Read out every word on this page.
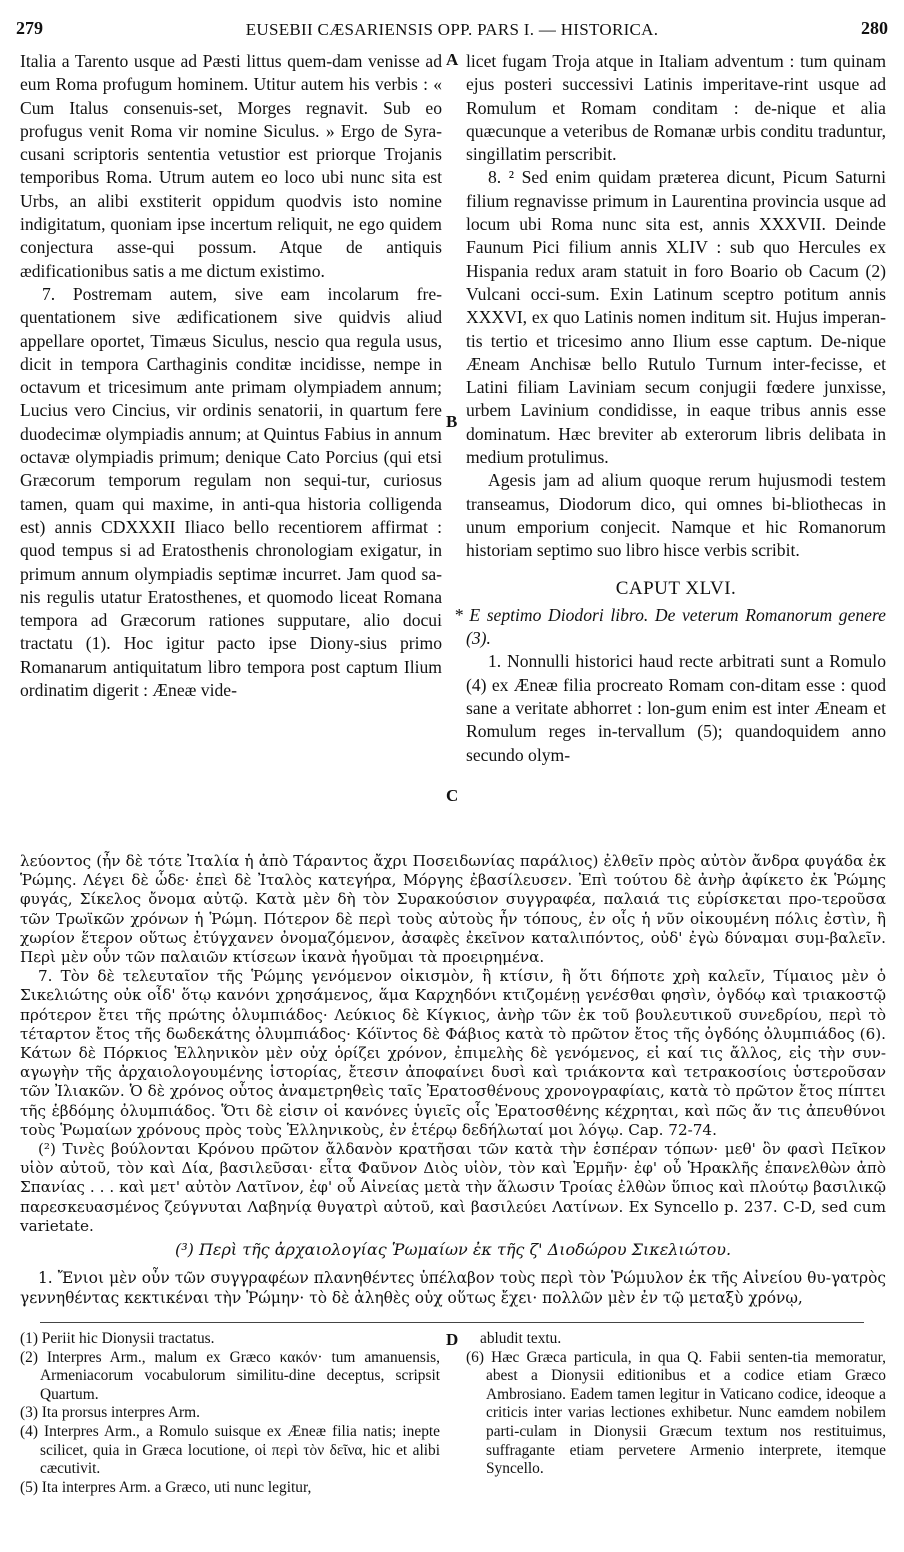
279	EUSEBII CÆSARIENSIS OPP. PARS I. — HISTORICA.	280
A
B
C
D

Italia a Tarento usque ad Pæsti littus quem-dam venisse ad eum Roma profugum hominem. Utitur autem his verbis : « Cum Italus consenuis-set, Morges regnavit. Sub eo profugus venit Roma vir nomine Siculus. » Ergo de Syra-cusani scriptoris sententia vetustior est priorque Trojanis temporibus Roma. Utrum autem eo loco ubi nunc sita est Urbs, an alibi exstiterit oppidum quodvis isto nomine indigitatum, quoniam ipse incertum reliquit, ne ego quidem conjectura asse-qui possum. Atque de antiquis ædificationibus satis a me dictum existimo.

7. Postremam autem, sive eam incolarum fre-quentationem sive ædificationem sive quidvis aliud appellare oportet, Timæus Siculus, nescio qua regula usus, dicit in tempora Carthaginis conditæ incidisse, nempe in octavum et tricesimum ante primam olympiadem annum; Lucius vero Cincius, vir ordinis senatorii, in quartum fere duodecimæ olympiadis annum; at Quintus Fabius in annum octavæ olympiadis primum; denique Cato Porcius (qui etsi Græcorum temporum regulam non sequi-tur, curiosus tamen, quam qui maxime, in anti-qua historia colligenda est) annis CDXXXII Iliaco bello recentiorem affirmat : quod tempus si ad Eratosthenis chronologiam exigatur, in primum annum olympiadis septimæ incurret. Jam quod sa-nis regulis utatur Eratosthenes, et quomodo liceat Romana tempora ad Græcorum rationes supputare, alio docui tractatu (1). Hoc igitur pacto ipse Diony-sius primo Romanarum antiquitatum libro tempora post captum Ilium ordinatim digerit : Æneæ vide-

licet fugam Troja atque in Italiam adventum : tum quinam ejus posteri successivi Latinis imperitave-rint usque ad Romulum et Romam conditam : de-nique et alia quæcunque a veteribus de Romanæ urbis conditu traduntur, singillatim perscribit.

8. ² Sed enim quidam præterea dicunt, Picum Saturni filium regnavisse primum in Laurentina provincia usque ad locum ubi Roma nunc sita est, annis XXXVII. Deinde Faunum Pici filium annis XLIV : sub quo Hercules ex Hispania redux aram statuit in foro Boario ob Cacum (2) Vulcani occi-sum. Exin Latinum sceptro potitum annis XXXVI, ex quo Latinis nomen inditum sit. Hujus imperan-tis tertio et tricesimo anno Ilium esse captum. De-nique Æneam Anchisæ bello Rutulo Turnum inter-fecisse, et Latini filiam Laviniam secum conjugii fœdere junxisse, urbem Lavinium condidisse, in eaque tribus annis esse dominatum. Hæc breviter ab exterorum libris delibata in medium protulimus.

Agesis jam ad alium quoque rerum hujusmodi testem transeamus, Diodorum dico, qui omnes bi-bliothecas in unum emporium conjecit. Namque et hic Romanorum historiam septimo suo libro hisce verbis scribit.

CAPUT XLVI.

* E septimo Diodori libro. De veterum Romanorum genere (3).

1. Nonnulli historici haud recte arbitrati sunt a Romulo (4) ex Æneæ filia procreato Romam con-ditam esse : quod sane a veritate abhorret : lon-gum enim est inter Æneam et Romulum reges in-tervallum (5); quandoquidem anno secundo olym-

λεύοντος (ἦν δὲ τότε Ἰταλία ἡ ἀπὸ Τάραντος ἄχρι Ποσειδωνίας παράλιος) ἐλθεῖν πρὸς αὐτὸν ἄνδρα φυγάδα ἐκ Ῥώμης. Λέγει δὲ ὧδε· ἐπεὶ δὲ Ἰταλὸς κατεγήρα, Μόργης ἐβασίλευσεν. Ἐπὶ τούτου δὲ ἀνὴρ ἀφίκετο ἐκ Ῥώμης φυγάς, Σίκελος ὄνομα αὐτῷ. Κατὰ μὲν δὴ τὸν Συρακούσιον συγγραφέα, παλαιά τις εὑρίσκεται προ-τεροῦσα τῶν Τρωϊκῶν χρόνων ἡ Ῥώμη. Πότερον δὲ περὶ τοὺς αὐτοὺς ἦν τόπους, ἐν οἷς ἡ νῦν οἰκουμένη πόλις ἐστὶν, ἢ χωρίον ἕτερον οὕτως ἐτύγχανεν ὀνομαζόμενον, ἀσαφὲς ἐκεῖνον καταλιπόντος, οὐδ' ἐγὼ δύναμαι συμ-βαλεῖν. Περὶ μὲν οὖν τῶν παλαιῶν κτίσεων ἱκανὰ ἡγοῦμαι τὰ προειρημένα.

7. Τὸν δὲ τελευταῖον τῆς Ῥώμης γενόμενον οἰκισμὸν, ἢ κτίσιν, ἢ ὅτι δήποτε χρὴ καλεῖν, Τίμαιος μὲν ὁ Σικελιώτης οὐκ οἶδ' ὅτῳ κανόνι χρησάμενος, ἅμα Καρχηδόνι κτιζομένῃ γενέσθαι φησὶν, ὀγδόῳ καὶ τριακοστῷ πρότερον ἔτει τῆς πρώτης ὀλυμπιάδος· Λεύκιος δὲ Κίγκιος, ἀνὴρ τῶν ἐκ τοῦ βουλευτικοῦ συνεδρίου, περὶ τὸ τέταρτον ἔτος τῆς δωδεκάτης ὀλυμπιάδος· Κόϊντος δὲ Φάβιος κατὰ τὸ πρῶτον ἔτος τῆς ὀγδόης ὀλυμπιάδος (6). Κάτων δὲ Πόρκιος Ἑλληνικὸν μὲν οὐχ ὁρίζει χρόνον, ἐπιμελὴς δὲ γενόμενος, εἰ καί τις ἄλλος, εἰς τὴν συν-αγωγὴν τῆς ἀρχαιολογουμένης ἱστορίας, ἔτεσιν ἀποφαίνει δυσὶ καὶ τριάκοντα καὶ τετρακοσίοις ὑστεροῦσαν τῶν Ἰλιακῶν. Ὁ δὲ χρόνος οὗτος ἀναμετρηθεὶς ταῖς Ἐρατοσθένους χρονογραφίαις, κατὰ τὸ πρῶτον ἔτος πίπτει τῆς ἑβδόμης ὀλυμπιάδος. Ὅτι δὲ εἰσιν οἱ κανόνες ὑγιεῖς οἷς Ἐρατοσθένης κέχρηται, καὶ πῶς ἄν τις ἀπευθύνοι τοὺς Ῥωμαίων χρόνους πρὸς τοὺς Ἑλληνικοὺς, ἐν ἑτέρῳ δεδήλωταί μοι λόγῳ. Cap. 72-74.

(²) Τινὲς βούλονται Κρόνου πρῶτον ἄλδανὸν κρατῆσαι τῶν κατὰ τὴν ἑσπέραν τόπων· μεθ' ὃν φασὶ Πεῖκον υἱὸν αὐτοῦ, τὸν καὶ Δία, βασιλεῦσαι· εἶτα Φαῦνον Διὸς υἱὸν, τὸν καὶ Ἑρμῆν· ἐφ' οὗ Ἡρακλῆς ἐπανελθὼν ἀπὸ Σπανίας . . . καὶ μετ' αὐτὸν Λατῖνον, ἐφ' οὗ Αἰνείας μετὰ τὴν ἅλωσιν Τροίας ἐλθὼν ὕπιος καὶ πλούτῳ βασιλικῷ παρεσκευασμένος ζεύγνυται Λαβηνίᾳ θυγατρὶ αὐτοῦ, καὶ βασιλεύει Λατίνων. Ex Syncello p. 237. C-D, sed cum varietate.

(³) Περὶ τῆς ἀρχαιολογίας Ῥωμαίων ἐκ τῆς ζ' Διοδώρου Σικελιώτου.

1. Ἔνιοι μὲν οὖν τῶν συγγραφέων πλανηθέντες ὑπέλαβον τοὺς περὶ τὸν Ῥώμυλον ἐκ τῆς Αἰνείου θυ-γατρὸς γεννηθέντας κεκτικέναι τὴν Ῥώμην· τὸ δὲ ἀληθὲς οὐχ οὕτως ἔχει· πολλῶν μὲν ἐν τῷ μεταξὺ χρόνῳ,

(1) Periit hic Dionysii tractatus.

(2) Interpres Arm., malum ex Græco κακόν· tum amanuensis, Armeniacorum vocabulorum similitu-dine deceptus, scripsit Quartum.

(3) Ita prorsus interpres Arm.

(4) Interpres Arm., a Romulo suisque ex Æneæ filia natis; inepte scilicet, quia in Græca locutione, οἱ περὶ τὸν δεῖνα, hic et alibi cæcutivit.

(5) Ita interpres Arm. a Græco, uti nunc legitur,

abludit textu.

(6) Hæc Græca particula, in qua Q. Fabii senten-tia memoratur, abest a Dionysii editionibus et a codice etiam Græco Ambrosiano. Eadem tamen legitur in Vaticano codice, ideoque a criticis inter varias lectiones exhibetur. Nunc eamdem nobilem parti-culam in Dionysii Græcum textum nos restituimus, suffragante etiam pervetere Armenio interprete, itemque Syncello.
